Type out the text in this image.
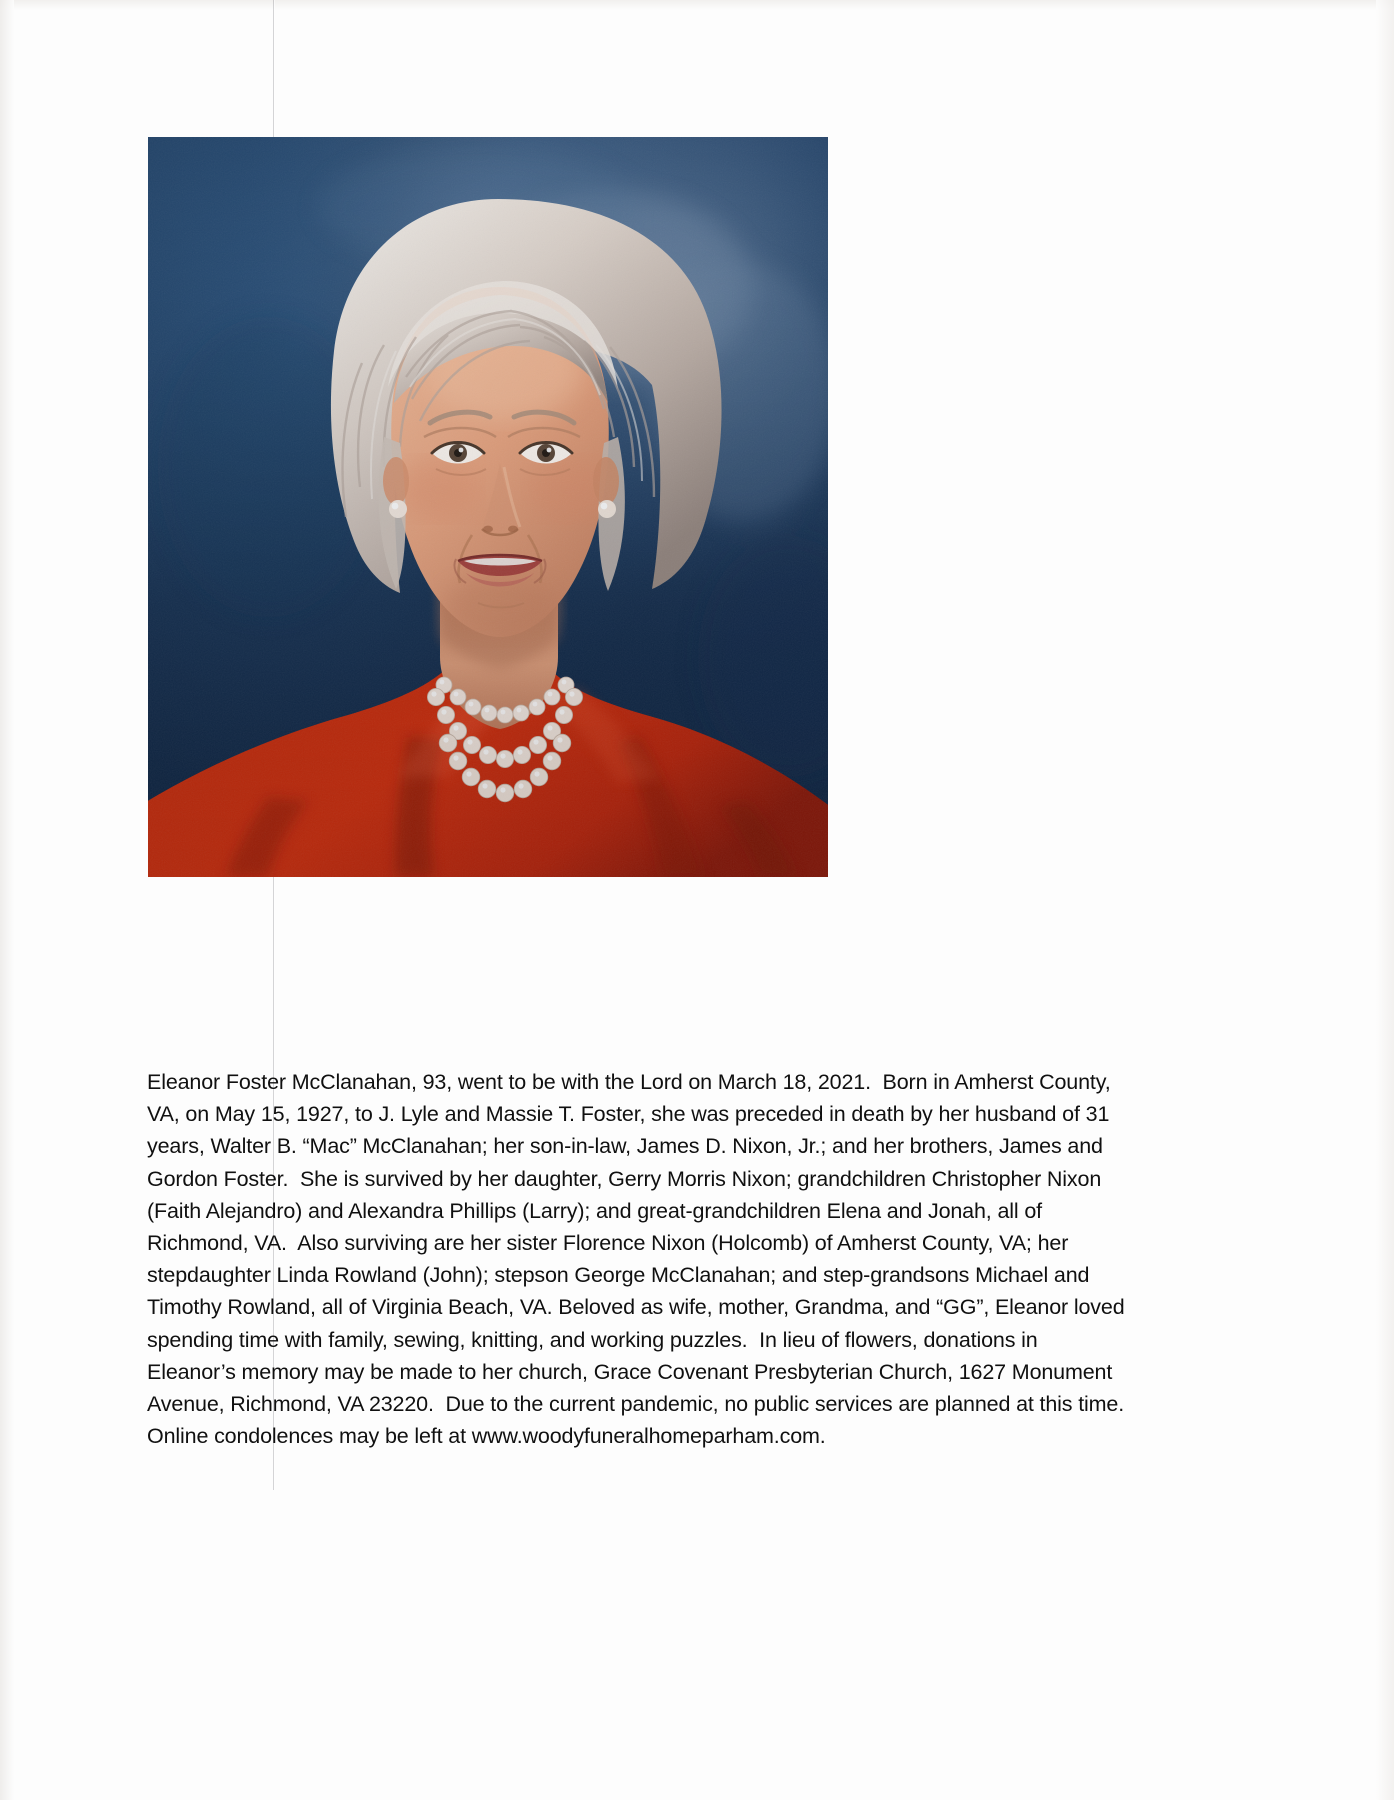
Eleanor Foster McClanahan, 93, went to be with the Lord on March 18, 2021.  Born in Amherst County,

VA, on May 15, 1927, to J. Lyle and Massie T. Foster, she was preceded in death by her husband of 31

years, Walter B. “Mac” McClanahan; her son-in-law, James D. Nixon, Jr.; and her brothers, James and

Gordon Foster.  She is survived by her daughter, Gerry Morris Nixon; grandchildren Christopher Nixon

(Faith Alejandro) and Alexandra Phillips (Larry); and great-grandchildren Elena and Jonah, all of

Richmond, VA.  Also surviving are her sister Florence Nixon (Holcomb) of Amherst County, VA; her

stepdaughter Linda Rowland (John); stepson George McClanahan; and step-grandsons Michael and

Timothy Rowland, all of Virginia Beach, VA. Beloved as wife, mother, Grandma, and “GG”, Eleanor loved

spending time with family, sewing, knitting, and working puzzles.  In lieu of flowers, donations in

Eleanor’s memory may be made to her church, Grace Covenant Presbyterian Church, 1627 Monument

Avenue, Richmond, VA 23220.  Due to the current pandemic, no public services are planned at this time.

Online condolences may be left at www.woodyfuneralhomeparham.com.
